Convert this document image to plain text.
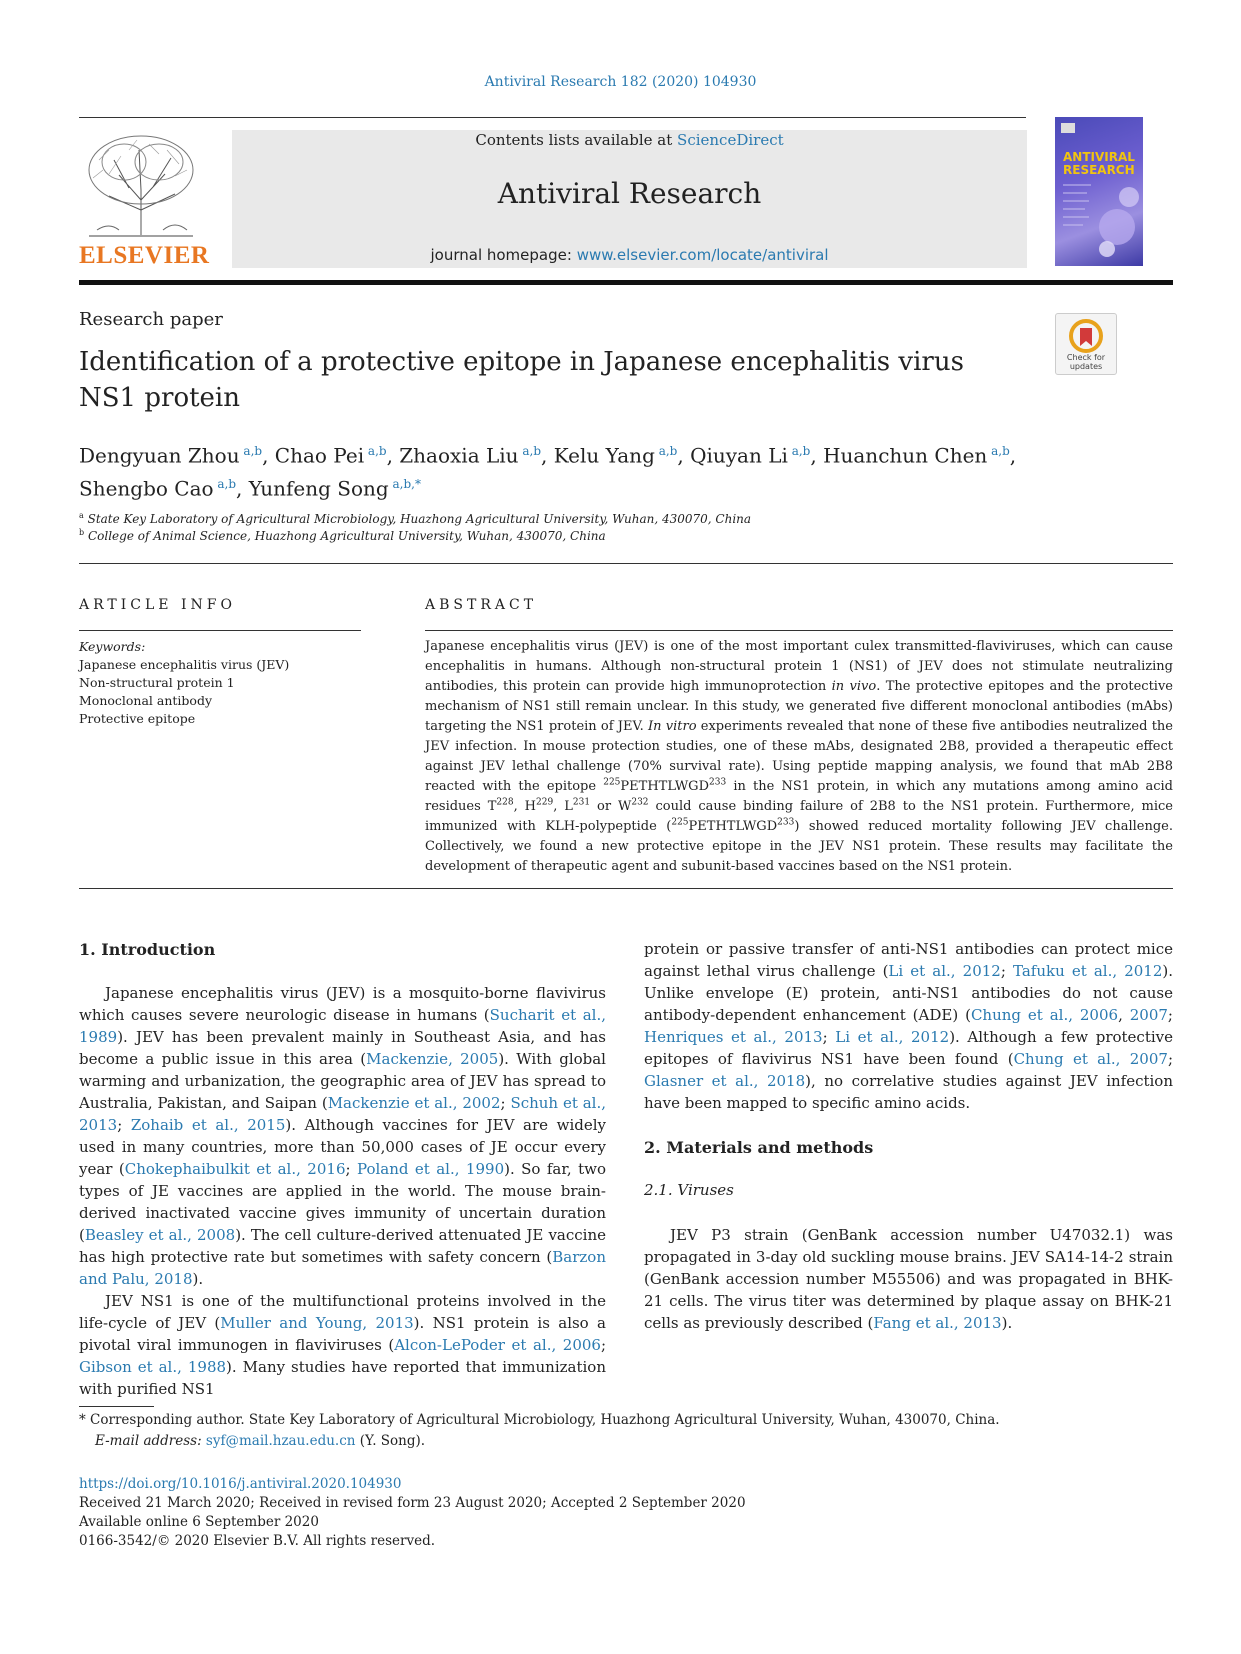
Antiviral Research 182 (2020) 104930
ELSEVIER
Contents lists available at ScienceDirect
Antiviral Research
journal homepage: www.elsevier.com/locate/antiviral
ANTIVIRAL
RESEARCH
Research paper
Identification of a protective epitope in Japanese encephalitis virus
NS1 protein
Check for
updates
Dengyuan Zhou $^{a,b}$, Chao Pei $^{a,b}$, Zhaoxia Liu $^{a,b}$, Kelu Yang $^{a,b}$, Qiuyan Li $^{a,b}$, Huanchun Chen $^{a,b}$,
Shengbo Cao $^{a,b}$, Yunfeng Song $^{a,b,*}$
$^a$ State Key Laboratory of Agricultural Microbiology, Huazhong Agricultural University, Wuhan, 430070, China
$^b$ College of Animal Science, Huazhong Agricultural University, Wuhan, 430070, China
ARTICLE INFO
Keywords:
Japanese encephalitis virus (JEV)
Non-structural protein 1
Monoclonal antibody
Protective epitope
ABSTRACT
Japanese encephalitis virus (JEV) is one of the most important culex transmitted-flaviviruses, which can cause encephalitis in humans. Although non-structural protein 1 (NS1) of JEV does not stimulate neutralizing antibodies, this protein can provide high immunoprotection in vivo. The protective epitopes and the protective mechanism of NS1 still remain unclear. In this study, we generated five different monoclonal antibodies (mAbs) targeting the NS1 protein of JEV. In vitro experiments revealed that none of these five antibodies neutralized the JEV infection. In mouse protection studies, one of these mAbs, designated 2B8, provided a therapeutic effect against JEV lethal challenge (70% survival rate). Using peptide mapping analysis, we found that mAb 2B8 reacted with the epitope $^{225}$PETHTLWGD$^{233}$ in the NS1 protein, in which any mutations among amino acid residues $T^{228}$, $H^{229}$, $L^{231}$ or $W^{232}$ could cause binding failure of 2B8 to the NS1 protein. Furthermore, mice immunized with KLH-polypeptide ($^{225}$PETHTLWGD$^{233}$) showed reduced mortality following JEV challenge. Collectively, we found a new protective epitope in the JEV NS1 protein. These results may facilitate the development of therapeutic agent and subunit-based vaccines based on the NS1 protein.
1. Introduction

Japanese encephalitis virus (JEV) is a mosquito-borne flavivirus which causes severe neurologic disease in humans (Sucharit et al., 1989). JEV has been prevalent mainly in Southeast Asia, and has become a public issue in this area (Mackenzie, 2005). With global warming and urbanization, the geographic area of JEV has spread to Australia, Pakistan, and Saipan (Mackenzie et al., 2002; Schuh et al., 2013; Zohaib et al., 2015). Although vaccines for JEV are widely used in many countries, more than 50,000 cases of JE occur every year (Chokephaibulkit et al., 2016; Poland et al., 1990). So far, two types of JE vaccines are applied in the world. The mouse brain-derived inactivated vaccine gives immunity of uncertain duration (Beasley et al., 2008). The cell culture-derived attenuated JE vaccine has high protective rate but sometimes with safety concern (Barzon and Palu, 2018).

JEV NS1 is one of the multifunctional proteins involved in the life-cycle of JEV (Muller and Young, 2013). NS1 protein is also a pivotal viral immunogen in flaviviruses (Alcon-LePoder et al., 2006; Gibson et al., 1988). Many studies have reported that immunization with purified NS1

protein or passive transfer of anti-NS1 antibodies can protect mice against lethal virus challenge (Li et al., 2012; Tafuku et al., 2012). Unlike envelope (E) protein, anti-NS1 antibodies do not cause antibody-dependent enhancement (ADE) (Chung et al., 2006, 2007; Henriques et al., 2013; Li et al., 2012). Although a few protective epitopes of flavivirus NS1 have been found (Chung et al., 2007; Glasner et al., 2018), no correlative studies against JEV infection have been mapped to specific amino acids.

2. Materials and methods
2.1. Viruses

JEV P3 strain (GenBank accession number U47032.1) was propagated in 3-day old suckling mouse brains. JEV SA14-14-2 strain (GenBank accession number M55506) and was propagated in BHK-21 cells. The virus titer was determined by plaque assay on BHK-21 cells as previously described (Fang et al., 2013).

* Corresponding author. State Key Laboratory of Agricultural Microbiology, Huazhong Agricultural University, Wuhan, 430070, China.
E-mail address: syf@mail.hzau.edu.cn (Y. Song).
https://doi.org/10.1016/j.antiviral.2020.104930
Received 21 March 2020; Received in revised form 23 August 2020; Accepted 2 September 2020
Available online 6 September 2020
0166-3542/© 2020 Elsevier B.V. All rights reserved.
